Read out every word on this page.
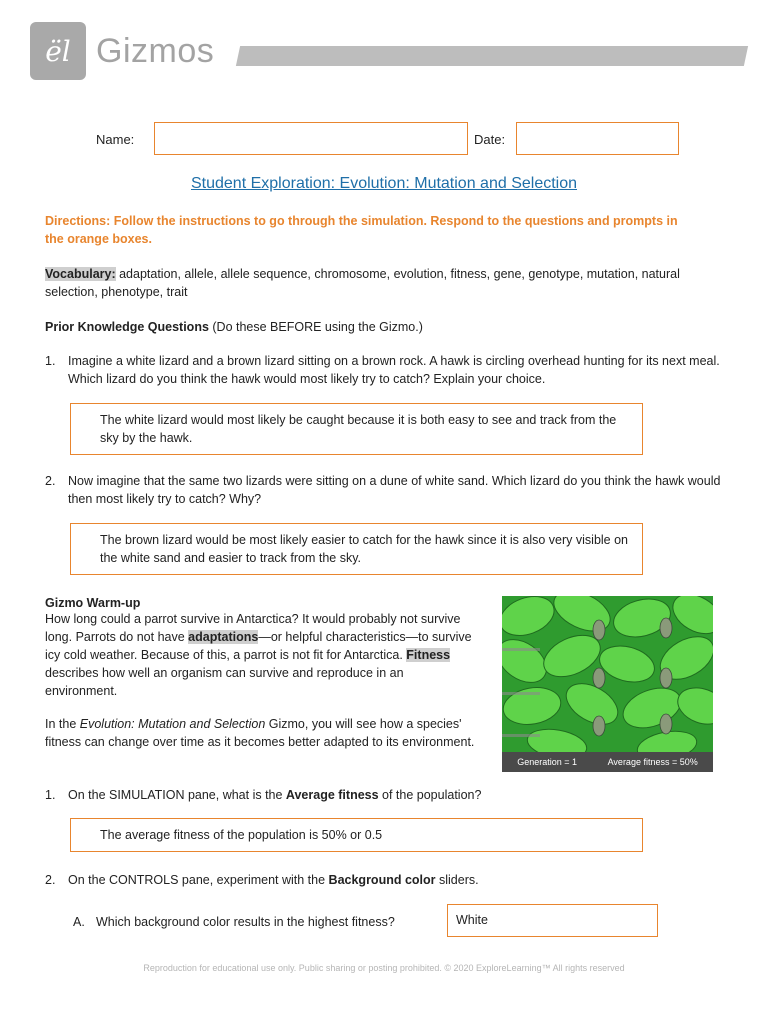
ël Gizmos
Name:	Date:
Student Exploration: Evolution: Mutation and Selection
Directions: Follow the instructions to go through the simulation. Respond to the questions and prompts in the orange boxes.
Vocabulary: adaptation, allele, allele sequence, chromosome, evolution, fitness, gene, genotype, mutation, natural selection, phenotype, trait
Prior Knowledge Questions (Do these BEFORE using the Gizmo.)
1. Imagine a white lizard and a brown lizard sitting on a brown rock. A hawk is circling overhead hunting for its next meal. Which lizard do you think the hawk would most likely try to catch? Explain your choice.
The white lizard would most likely be caught because it is both easy to see and track from the sky by the hawk.
2. Now imagine that the same two lizards were sitting on a dune of white sand. Which lizard do you think the hawk would then most likely try to catch? Why?
The brown lizard would be most likely easier to catch for the hawk since it is also very visible on the white sand and easier to track from the sky.
Gizmo Warm-up
How long could a parrot survive in Antarctica? It would probably not survive long. Parrots do not have adaptations—or helpful characteristics—to survive icy cold weather. Because of this, a parrot is not fit for Antarctica. Fitness describes how well an organism can survive and reproduce in an environment.
In the Evolution: Mutation and Selection Gizmo, you will see how a species' fitness can change over time as it becomes better adapted to its environment.
Generation = 1	Average fitness = 50%
1. On the SIMULATION pane, what is the Average fitness of the population?
The average fitness of the population is 50% or 0.5
2. On the CONTROLS pane, experiment with the Background color sliders.
A. Which background color results in the highest fitness?	White
Reproduction for educational use only. Public sharing or posting prohibited. © 2020 ExploreLearning™ All rights reserved
